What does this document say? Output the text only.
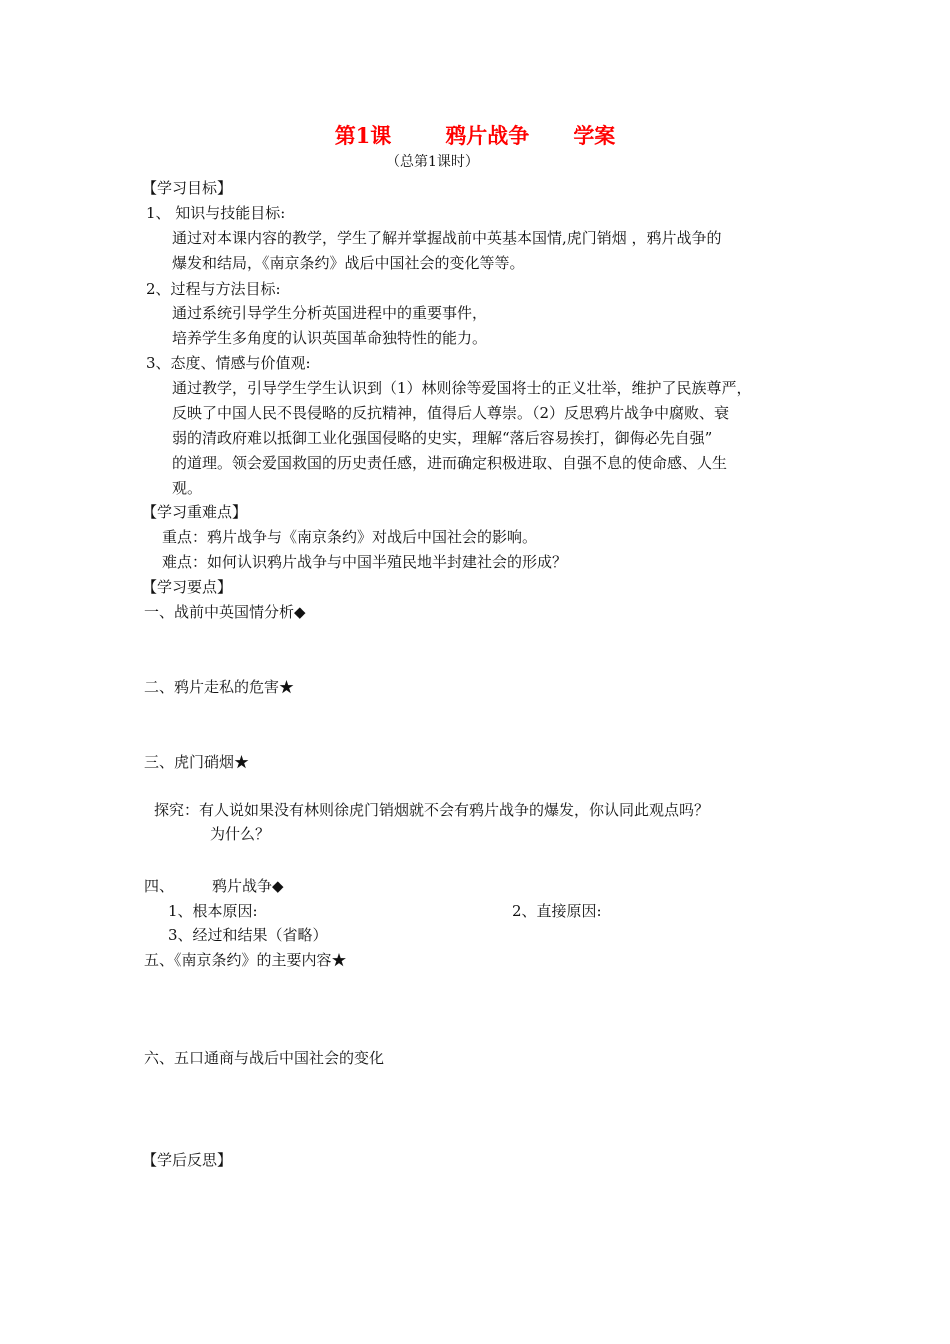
第1课	鸦片战争 学案
（总第1课时）
【学习目标】
1、 知识与技能目标:
通过对本课内容的教学，学生了解并掌握战前中英基本国情,虎门销烟 ，鸦片战争的
爆发和结局，《南京条约》战后中国社会的变化等等。
2、过程与方法目标:
通过系统引导学生分析英国进程中的重要事件，
培养学生多角度的认识英国革命独特性的能力。
3、态度、情感与价值观:
通过教学，引导学生学生认识到（1）林则徐等爱国将士的正义壮举，维护了民族尊严，
反映了中国人民不畏侵略的反抗精神，值得后人尊崇。（2）反思鸦片战争中腐败、衰
弱的清政府难以抵御工业化强国侵略的史实，理解“落后容易挨打，御侮必先自强”
的道理。领会爱国救国的历史责任感，进而确定积极进取、自强不息的使命感、人生
观。
【学习重难点】
重点：鸦片战争与《南京条约》对战后中国社会的影响。
难点：如何认识鸦片战争与中国半殖民地半封建社会的形成？
【学习要点】
一、战前中英国情分析◆
二、鸦片走私的危害★
三、虎门硝烟★
探究：有人说如果没有林则徐虎门销烟就不会有鸦片战争的爆发，你认同此观点吗？
为什么？
四、	鸦片战争◆
1、根本原因:	2、直接原因:
3、经过和结果（省略）
五、《南京条约》的主要内容★
六、五口通商与战后中国社会的变化
【学后反思】
